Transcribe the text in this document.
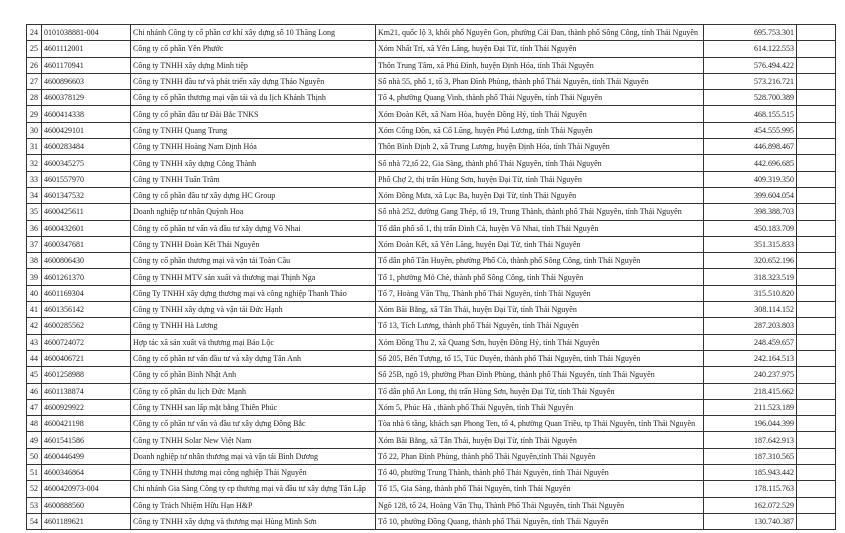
24	0101038881-004	Chi nhánh Công ty cổ phần cơ khí xây dựng số 10 Thăng Long	Km21, quốc lộ 3, khối phố Nguyên Gon, phường Cải Đan, thành phố Sông Công, tỉnh Thái Nguyên	695.753.301	
25	4601112001	Công ty cổ phần Yên Phước	Xóm Nhất Trí, xã Yên Lãng, huyện Đại Từ, tỉnh Thái Nguyên	614.122.553	
26	4601170941	Công ty TNHH xây dựng Minh tiệp	Thôn Trung Tâm, xã Phú Đình, huyện Định Hóa, tỉnh Thái Nguyên	576.494.422	
27	4600896603	Công ty TNHH đầu tư và phát triển xây dựng Thảo Nguyên	Số nhà 55, phố 1, tổ 3, Phan Đình Phùng, thành phố Thái Nguyên, tỉnh Thái Nguyên	573.216.721	
28	4600378129	Công ty cổ phần thương mại vận tải và du lịch Khánh Thịnh	Tổ 4, phường Quang Vinh, thành phố Thái Nguyên, tỉnh Thái Nguyên	528.700.389	
29	4600414338	Công ty cổ phần đầu tư Đài Bắc TNKS	Xóm Đoàn Kết, xã Nam Hòa, huyện Đồng Hỷ, tỉnh Thái Nguyên	468.155.515	
30	4600429101	Công ty TNHH Quang Trung	Xóm Cổng Đồn, xã Cổ Lũng, huyện Phú Lương, tỉnh Thái Nguyên	454.555.995	
31	4600283484	Công ty TNHH Hoàng Nam Định Hóa	Thôn Bình Định 2, xã Trung Lương, huyện Định Hóa, tỉnh Thái Nguyên	446.898.467	
32	4600345275	Công ty TNHH xây dựng Công Thành	Số nhà 72,tổ 22, Gia Sàng, thành phố Thái Nguyên, tỉnh Thái Nguyên	442.696.685	
33	4601557970	Công ty TNHH Tuấn Trâm	Phố Chợ 2, thị trấn Hùng Sơn, huyện Đại Từ, tỉnh Thái Nguyên	409.319.350	
34	4601347532	Công ty cổ phần đầu tư xây dựng HC Group	Xóm Đồng Mưa, xã Lục Ba, huyện Đại Từ, tỉnh Thái Nguyên	399.604.054	
35	4600425611	Doanh nghiệp tư nhân Quỳnh Hoa	Số nhà 252, đường Gang Thép, tổ 19, Trung Thành, thành phố Thái Nguyên, tỉnh Thái Nguyên	398.388.703	
36	4600432601	Công ty cổ phần tư vấn và đầu tư xây dựng Võ Nhai	Tổ dân phố số 1, thị trấn Đình Cả, huyện Võ Nhai, tỉnh Thái Nguyên	450.183.709	
37	4600347681	Công ty TNHH Đoàn Kết Thái Nguyên	Xóm Đoàn Kết, xã Yên Lãng, huyện Đại Từ, tỉnh Thái Nguyên	351.315.833	
38	4600806430	Công ty cổ phần thương mại và vận tải Toàn Cầu	Tổ dân phố Tân Huyền, phường Phố Cò, thành phố Sông Công, tỉnh Thái Nguyên	320.652.196	
39	4601261370	Công ty TNHH MTV sản xuất và thương mại Thịnh Nga	Tổ 1, phường Mỏ Chè, thành phố Sông Công, tỉnh Thái Nguyên	318.323.519	
40	4601169304	Công Ty TNHH xây dựng thương mại và công nghiệp Thanh Thảo	Tổ 7, Hoàng Văn Thụ, Thành phố Thái Nguyên, tỉnh Thái Nguyên	315.510.820	
41	4601356142	Công ty TNHH xây dựng và vận tải Đức Hạnh	Xóm Bãi Bằng, xã Tân Thái, huyện Đại Từ, tỉnh Thái Nguyên	308.114.152	
42	4600285562	Công ty TNHH Hà Lương	Tổ 13, Tích Lương, thành phố Thái Nguyên, tỉnh Thái Nguyên	287.203.803	
43	4600724072	Hợp tác xã sản xuất và thương mại Bảo Lộc	Xóm Đồng Thu 2, xã Quang Sơn, huyện Đồng Hỷ, tỉnh Thái Nguyên	248.459.657	
44	4600406721	Công ty cổ phần tư vấn đầu tư và xây dựng Tân Anh	Số 205, Bến Tượng, tổ 15, Túc Duyên, thành phố Thái Nguyên, tỉnh Thái Nguyên	242.164.513	
45	4601258988	Công ty cổ phần Bình Nhật Anh	Số 25B, ngõ 19, phường Phan Đình Phùng, thành phố Thái Nguyên, tỉnh Thái Nguyên	240.237.975	
46	4601138874	Công ty cổ phần du lịch Đức Mạnh	Tổ dân phố An Long, thị trấn Hùng Sơn, huyện Đại Từ, tỉnh Thái Nguyên	218.415.662	
47	4600929922	Công ty TNHH san lấp mặt bằng Thiên Phúc	Xóm 5, Phúc Hà , thành phố Thái Nguyên, tỉnh Thái Nguyên	211.523.189	
48	4600421198	Công ty cổ phần tư vấn và đầu tư xây dựng Đông Bắc	Tòa nhà 6 tầng, khách sạn Phong Ten, tổ 4, phường Quan Triều, tp Thái Nguyên, tỉnh Thái Nguyên	196.044.399	
49	4601541586	Công ty TNHH Solar New Việt Nam	Xóm Bãi Bằng, xã Tân Thái, huyện Đại Từ, tỉnh Thái Nguyên	187.642.913	
50	4600446499	Doanh nghiệp tư nhân thương mại và vận tải Bình Dương	Tổ 22, Phan Đình Phùng, thành phố Thái Nguyên,tỉnh Thái Nguyên	187.310.565	
51	4600346864	Công ty TNHH thương mại công nghiệp Thái Nguyên	Tổ 40, phường Trung Thành, thành phố Thái Nguyên, tỉnh Thái Nguyên	185.943.442	
52	4600420973-004	Chi nhánh Gia Sàng Công ty cp thương mại và đầu tư xây dựng Tân Lập	Tổ 15, Gia Sàng, thành phố Thái Nguyên, tỉnh Thái Nguyên	178.115.763	
53	4600888560	Công ty Trách Nhiệm Hữu Hạn H&P	Ngõ 128, tổ 24, Hoàng Văn Thụ, Thành Phố Thái Nguyên, tỉnh Thái Nguyên	162.072.529	
54	4601189621	Công ty TNHH xây dựng và thương mại Hùng Minh Sơn	Tổ 10, phường Đồng Quang, thành phố Thái Nguyên, tỉnh Thái Nguyên	130.740.387	
